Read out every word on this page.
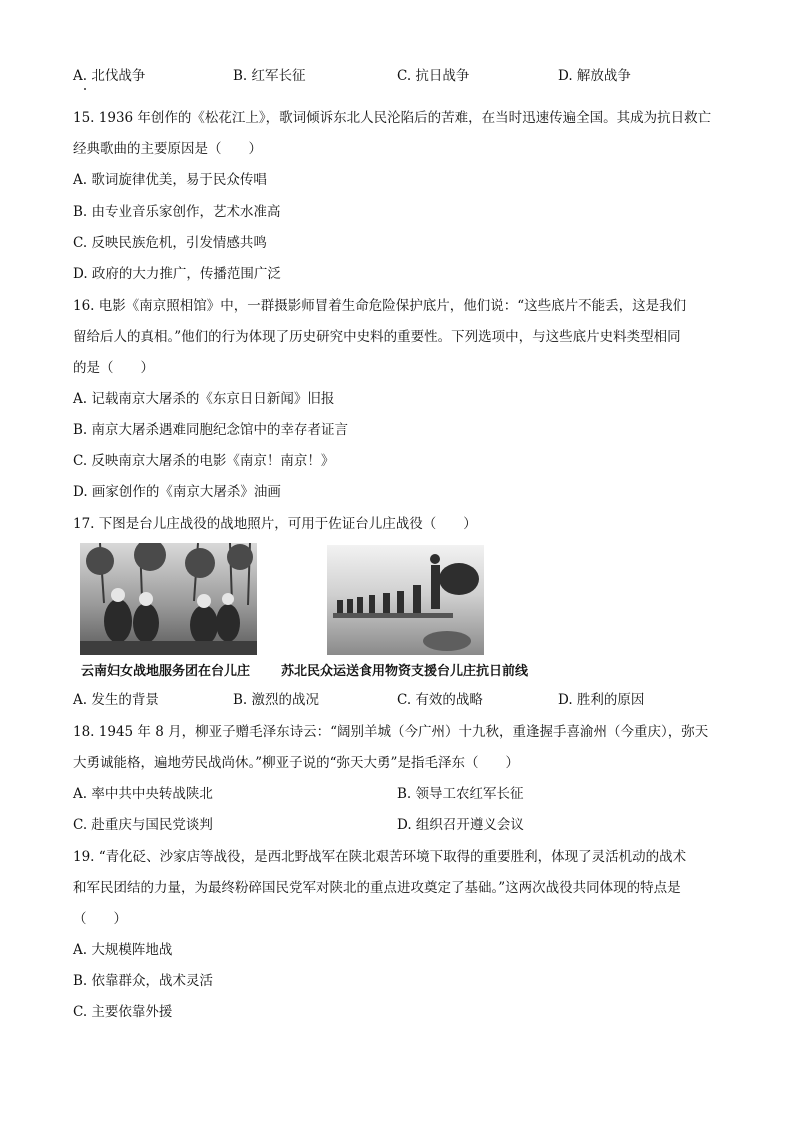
A. 北伐战争	B. 红军长征	C. 抗日战争	D. 解放战争
15. 1936 年创作的《松花江上》，歌词倾诉东北人民沦陷后的苦难，在当时迅速传遍全国。其成为抗日救亡
经典歌曲的主要原因是（　　）
A. 歌词旋律优美，易于民众传唱
B. 由专业音乐家创作，艺术水准高
C. 反映民族危机，引发情感共鸣
D. 政府的大力推广，传播范围广泛
16. 电影《南京照相馆》中，一群摄影师冒着生命危险保护底片，他们说：“这些底片不能丢，这是我们
留给后人的真相。”他们的行为体现了历史研究中史料的重要性。下列选项中，与这些底片史料类型相同
的是（　　）
A. 记载南京大屠杀的《东京日日新闻》旧报
B. 南京大屠杀遇难同胞纪念馆中的幸存者证言
C. 反映南京大屠杀的电影《南京！南京！》
D. 画家创作的《南京大屠杀》油画
17. 下图是台儿庄战役的战地照片，可用于佐证台儿庄战役（　　）
云南妇女战地服务团在台儿庄 苏北民众运送食用物资支援台儿庄抗日前线
A. 发生的背景	B. 激烈的战况	C. 有效的战略	D. 胜利的原因
18. 1945 年 8 月，柳亚子赠毛泽东诗云：“阔别羊城（今广州）十九秋，重逢握手喜渝州（今重庆），弥天
大勇诚能格，遍地劳民战尚休。”柳亚子说的“弥天大勇”是指毛泽东（　　）
A. 率中共中央转战陕北	B. 领导工农红军长征
C. 赴重庆与国民党谈判	D. 组织召开遵义会议
19. “青化砭、沙家店等战役，是西北野战军在陕北艰苦环境下取得的重要胜利，体现了灵活机动的战术
和军民团结的力量，为最终粉碎国民党军对陕北的重点进攻奠定了基础。”这两次战役共同体现的特点是
（　　）
A. 大规模阵地战
B. 依靠群众，战术灵活
C. 主要依靠外援
